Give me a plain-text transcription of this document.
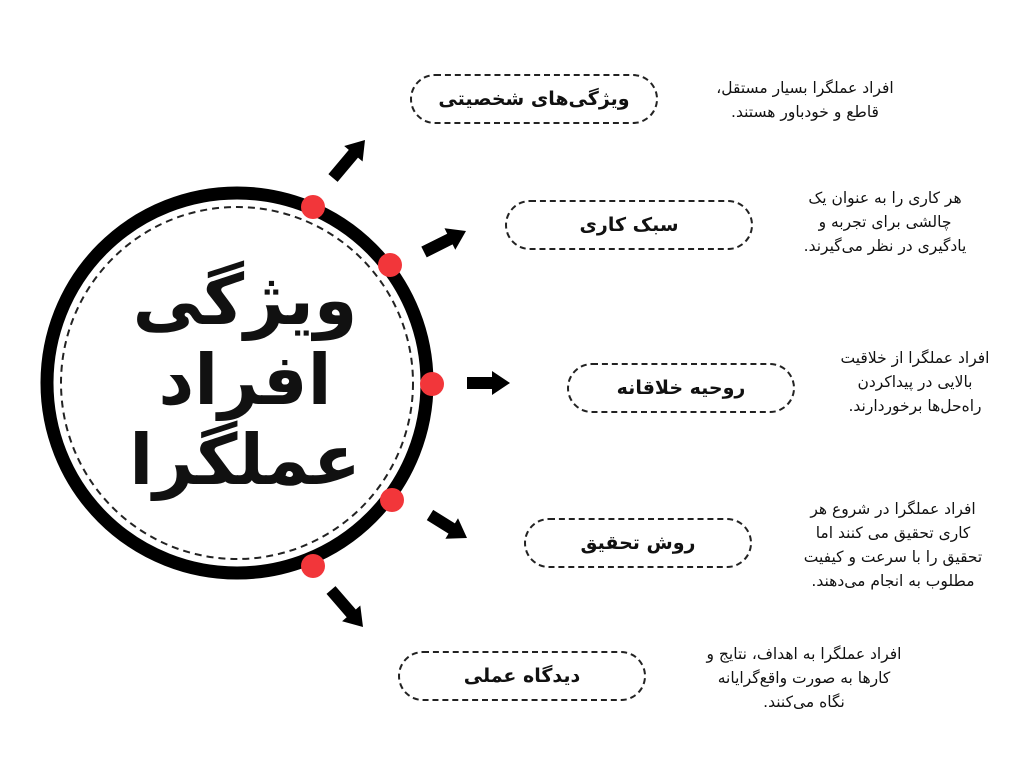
ویژگی
افراد
عملگرا
ویژگی‌های شخصیتی	افراد عملگرا بسیار مستقل،
قاطع و خودباور هستند.
سبک کاری
هر کاری را به عنوان یک
چالشی برای تجربه و
یادگیری در نظر می‌گیرند.
روحیه خلاقانه
افراد عملگرا از خلاقیت
بالایی در پیداکردن
راه‌حل‌ها برخوردارند.
روش تحقیق
افراد عملگرا در شروع هر
کاری تحقیق می کنند اما
تحقیق را با سرعت و کیفیت
مطلوب به انجام می‌دهند.
دیدگاه عملی
افراد عملگرا به اهداف، نتایج و
کارها به صورت واقع‌گرایانه
نگاه می‌کنند.
